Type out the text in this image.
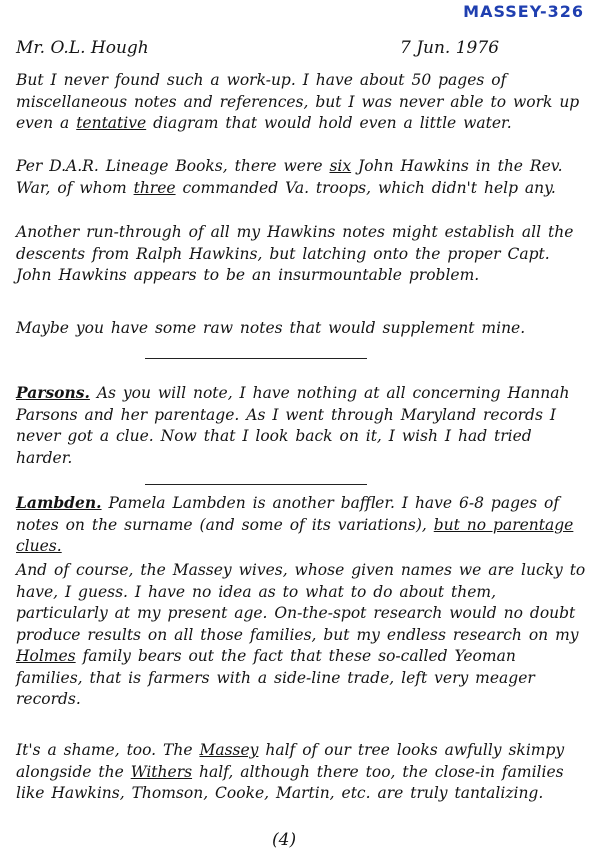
MASSEY-326
Mr. O.L. Hough	7 Jun. 1976
But I never found such a work-up. I have about 50 pages of miscellaneous notes and references, but I was never able to work up even a tentative diagram that would hold even a little water.
Per D.A.R. Lineage Books, there were six John Hawkins in the Rev. War, of whom three commanded Va. troops, which didn't help any.
Another run-through of all my Hawkins notes might establish all the descents from Ralph Hawkins, but latching onto the proper Capt. John Hawkins appears to be an insurmountable problem.
Maybe you have some raw notes that would supplement mine.
Parsons. As you will note, I have nothing at all concerning Hannah Parsons and her parentage. As I went through Maryland records I never got a clue. Now that I look back on it, I wish I had tried harder.
Lambden. Pamela Lambden is another baffler. I have 6-8 pages of notes on the surname (and some of its variations), but no parentage clues.
And of course, the Massey wives, whose given names we are lucky to have, I guess. I have no idea as to what to do about them, particularly at my present age. On-the-spot research would no doubt produce results on all those families, but my endless research on my Holmes family bears out the fact that these so-called Yeoman families, that is farmers with a side-line trade, left very meager records.
It's a shame, too. The Massey half of our tree looks awfully skimpy alongside the Withers half, although there too, the close-in families like Hawkins, Thomson, Cooke, Martin, etc. are truly tantalizing.
(4)
